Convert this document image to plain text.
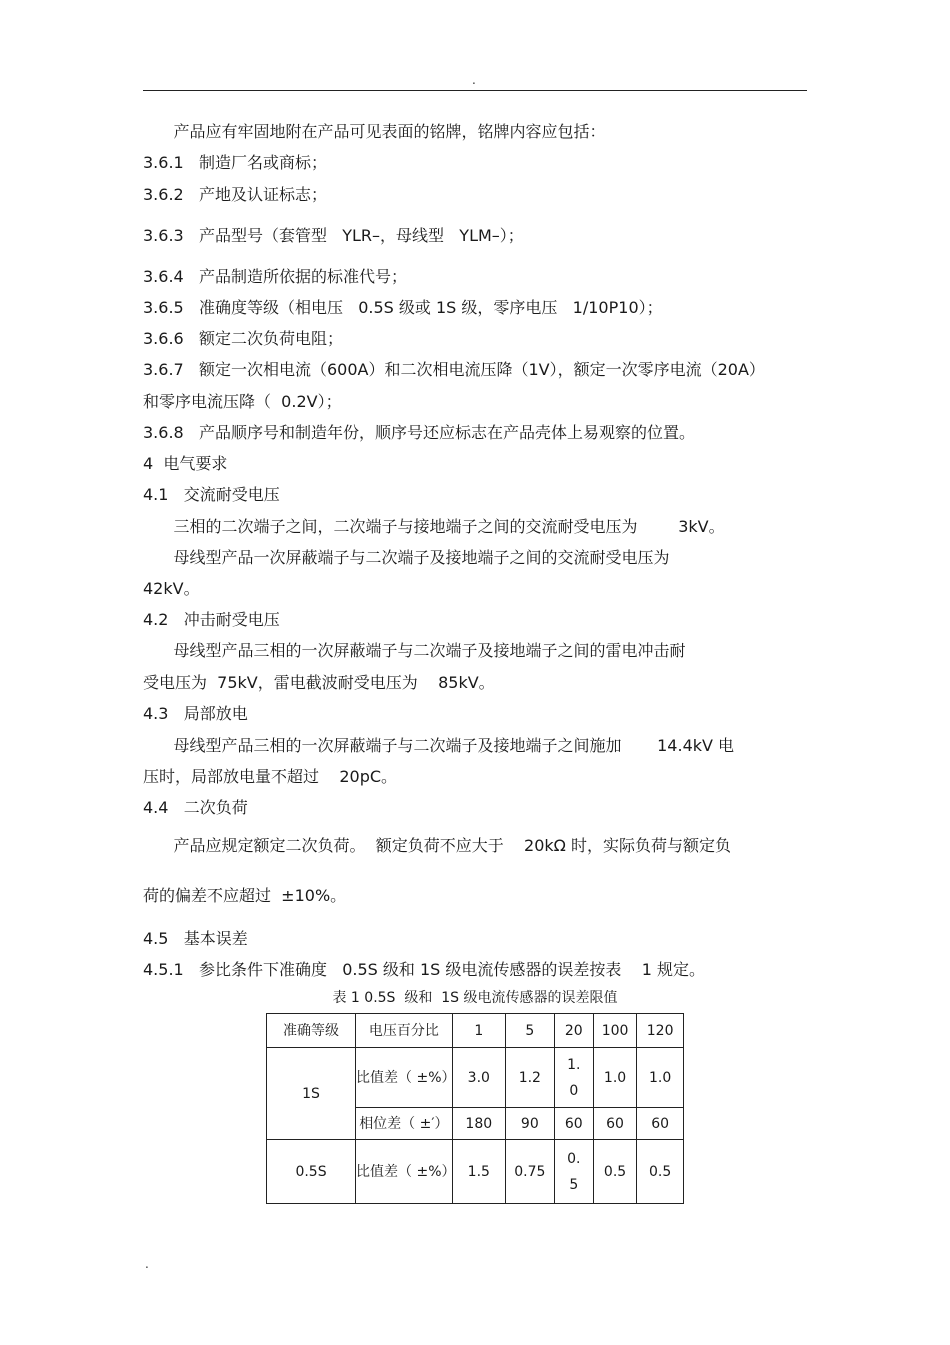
.
产品应有牢固地附在产品可见表面的铭牌，铭牌内容应包括：
3.6.1   制造厂名或商标；
3.6.2   产地及认证标志；
3.6.3   产品型号（套管型   YLR–，母线型   YLM–）；
3.6.4   产品制造所依据的标准代号；
3.6.5   准确度等级（相电压   0.5S 级或 1S 级，零序电压   1/10P10）；
3.6.6   额定二次负荷电阻；
3.6.7   额定一次相电流（600A）和二次相电流压降（1V），额定一次零序电流（20A）
和零序电流压降（  0.2V）；
3.6.8   产品顺序号和制造年份，顺序号还应标志在产品壳体上易观察的位置。
4  电气要求
4.1   交流耐受电压
三相的二次端子之间，二次端子与接地端子之间的交流耐受电压为        3kV。
母线型产品一次屏蔽端子与二次端子及接地端子之间的交流耐受电压为
42kV。
4.2   冲击耐受电压
母线型产品三相的一次屏蔽端子与二次端子及接地端子之间的雷电冲击耐
受电压为  75kV，雷电截波耐受电压为    85kV。
4.3   局部放电
母线型产品三相的一次屏蔽端子与二次端子及接地端子之间施加       14.4kV 电
压时，局部放电量不超过    20pC。
4.4   二次负荷
产品应规定额定二次负荷。  额定负荷不应大于    20kΩ 时，实际负荷与额定负
荷的偏差不应超过  ±10%。
4.5   基本误差
4.5.1   参比条件下准确度   0.5S 级和 1S 级电流传感器的误差按表    1 规定。
表 1 0.5S  级和  1S 级电流传感器的误差限值
准确等级	电压百分比	1	5	20	100	120
1S	比值差（ ±%）	3.0	1.2	1.0	1.0	1.0
	相位差（ ±′）	180	90	60	60	60
0.5S	比值差（ ±%）	1.5	0.75	0.5	0.5	0.5
.
